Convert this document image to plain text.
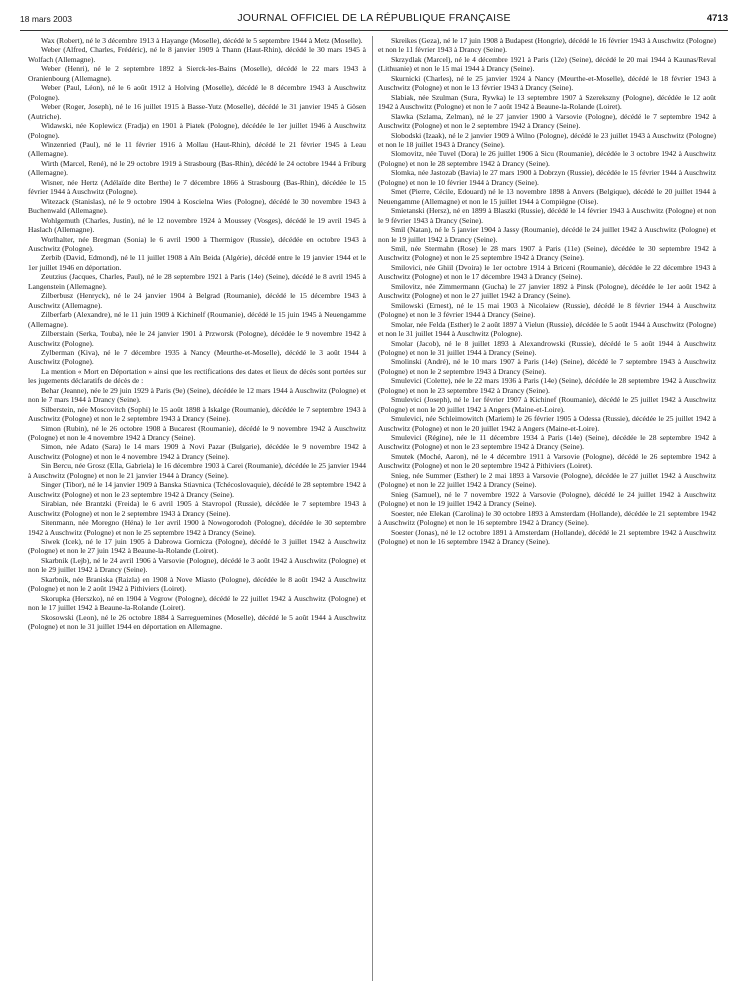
18 mars 2003	JOURNAL OFFICIEL DE LA RÉPUBLIQUE FRANÇAISE	4713

Wax (Robert), né le 3 décembre 1913 à Hayange (Moselle), décédé le 5 septembre 1944 à Metz (Moselle).

Weber (Alfred, Charles, Frédéric), né le 8 janvier 1909 à Thann (Haut-Rhin), décédé le 30 mars 1945 à Wolfach (Allemagne).

Weber (Henri), né le 2 septembre 1892 à Sierck-les-Bains (Moselle), décédé le 22 mars 1943 à Oranienbourg (Allemagne).

Weber (Paul, Léon), né le 6 août 1912 à Holving (Moselle), décédé le 8 décembre 1943 à Auschwitz (Pologne).

Weber (Roger, Joseph), né le 16 juillet 1915 à Basse-Yutz (Moselle), décédé le 31 janvier 1945 à Gösen (Autriche).

Widawski, née Koplewicz (Fradja) en 1901 à Piatek (Pologne), décédée le 1er juillet 1946 à Auschwitz (Pologne).

Winzenried (Paul), né le 11 février 1916 à Mollau (Haut-Rhin), décédé le 21 février 1945 à Leau (Allemagne).

Wirth (Marcel, René), né le 29 octobre 1919 à Strasbourg (Bas-Rhin), décédé le 24 octobre 1944 à Friburg (Allemagne).

Wisner, née Hertz (Adélaïde dite Berthe) le 7 décembre 1866 à Strasbourg (Bas-Rhin), décédée le 15 février 1944 à Auschwitz (Pologne).

Witezack (Stanislas), né le 9 octobre 1904 à Koscielna Wies (Pologne), décédé le 30 novembre 1943 à Buchenwald (Allemagne).

Wohlgemuth (Charles, Justin), né le 12 novembre 1924 à Moussey (Vosges), décédé le 19 avril 1945 à Haslach (Allemagne).

Worlhalter, née Bregman (Sonia) le 6 avril 1900 à Thermigov (Russie), décédée en octobre 1943 à Auschwitz (Pologne).

Zerbib (David, Edmond), né le 11 juillet 1908 à Aïn Beida (Algérie), décédé entre le 19 janvier 1944 et le 1er juillet 1946 en déportation.

Zeutzius (Jacques, Charles, Paul), né le 28 septembre 1921 à Paris (14e) (Seine), décédé le 8 avril 1945 à Langenstein (Allemagne).

Zilberbusz (Henryck), né le 24 janvier 1904 à Belgrad (Roumanie), décédé le 15 décembre 1943 à Auschwitz (Allemagne).

Zilberfarb (Alexandre), né le 11 juin 1909 à Kichinelf (Roumanie), décédé le 15 juin 1945 à Neuengamme (Allemagne).

Zilberstain (Serka, Touba), née le 24 janvier 1901 à Przworsk (Pologne), décédée le 9 novembre 1942 à Auschwitz (Pologne).

Zylberman (Kiva), né le 7 décembre 1935 à Nancy (Meurthe-et-Moselle), décédé le 3 août 1944 à Auschwitz (Pologne).

La mention « Mort en Déportation » ainsi que les rectifications des dates et lieux de décès sont portées sur les jugements déclaratifs de décès de :

Behar (Jeanne), née le 29 juin 1929 à Paris (9e) (Seine), décédée le 12 mars 1944 à Auschwitz (Pologne) et non le 7 mars 1944 à Drancy (Seine).

Silberstein, née Moscovitch (Sophi) le 15 août 1898 à Iskalge (Roumanie), décédée le 7 septembre 1943 à Auschwitz (Pologne) et non le 2 septembre 1943 à Drancy (Seine).

Simon (Rubin), né le 26 octobre 1908 à Bucarest (Roumanie), décédé le 9 novembre 1942 à Auschwitz (Pologne) et non le 4 novembre 1942 à Drancy (Seine).

Simon, née Adato (Sara) le 14 mars 1909 à Novi Pazar (Bulgarie), décédée le 9 novembre 1942 à Auschwitz (Pologne) et non le 4 novembre 1942 à Drancy (Seine).

Sin Bercu, née Grosz (Ella, Gabriela) le 16 décembre 1903 à Carei (Roumanie), décédée le 25 janvier 1944 à Auschwitz (Pologne) et non le 21 janvier 1944 à Drancy (Seine).

Singer (Tibor), né le 14 janvier 1909 à Banska Stiavnica (Tchécoslovaquie), décédé le 28 septembre 1942 à Auschwitz (Pologne) et non le 23 septembre 1942 à Drancy (Seine).

Sirabian, née Brantzki (Freida) le 6 avril 1905 à Stavropol (Russie), décédée le 7 septembre 1943 à Auschwitz (Pologne) et non le 2 septembre 1943 à Drancy (Seine).

Sitenmann, née Moregno (Héna) le 1er avril 1900 à Nowogorodoh (Pologne), décédée le 30 septembre 1942 à Auschwitz (Pologne) et non le 25 septembre 1942 à Drancy (Seine).

Siwek (Icek), né le 17 juin 1905 à Dabrowa Gornicza (Pologne), décédé le 3 juillet 1942 à Auschwitz (Pologne) et non le 27 juin 1942 à Beaune-la-Rolande (Loiret).

Skarbnik (Lejb), né le 24 avril 1906 à Varsovie (Pologne), décédé le 3 août 1942 à Auschwitz (Pologne) et non le 29 juillet 1942 à Drancy (Seine).

Skarbnik, née Braniska (Raizla) en 1908 à Nove Miasto (Pologne), décédée le 8 août 1942 à Auschwitz (Pologne) et non le 2 août 1942 à Pithiviers (Loiret).

Skorupka (Herszko), né en 1904 à Vegrow (Pologne), décédé le 22 juillet 1942 à Auschwitz (Pologne) et non le 17 juillet 1942 à Beaune-la-Rolande (Loiret).

Skosowski (Leon), né le 26 octobre 1884 à Sarreguemines (Moselle), décédé le 5 août 1944 à Auschwitz (Pologne) et non le 31 juillet 1944 en déportation en Allemagne.

Skreikes (Geza), né le 17 juin 1908 à Budapest (Hongrie), décédé le 16 février 1943 à Auschwitz (Pologne) et non le 11 février 1943 à Drancy (Seine).

Skrzydlak (Marcel), né le 4 décembre 1921 à Paris (12e) (Seine), décédé le 20 mai 1944 à Kaunas/Reval (Lithuanie) et non le 15 mai 1944 à Drancy (Seine).

Skurnicki (Charles), né le 25 janvier 1924 à Nancy (Meurthe-et-Moselle), décédé le 18 février 1943 à Auschwitz (Pologne) et non le 13 février 1943 à Drancy (Seine).

Slabiak, née Szulman (Sura, Rywka) le 13 septembre 1907 à Szerekszny (Pologne), décédée le 12 août 1942 à Auschwitz (Pologne) et non le 7 août 1942 à Beaune-la-Rolande (Loiret).

Slawka (Szlama, Zelman), né le 27 janvier 1900 à Varsovie (Pologne), décédé le 7 septembre 1942 à Auschwitz (Pologne) et non le 2 septembre 1942 à Drancy (Seine).

Slobodski (Izaak), né le 2 janvier 1909 à Wilno (Pologne), décédé le 23 juillet 1943 à Auschwitz (Pologne) et non le 18 juillet 1943 à Drancy (Seine).

Slomovitz, née Tuvel (Dora) le 26 juillet 1906 à Sicu (Roumanie), décédée le 3 octobre 1942 à Auschwitz (Pologne) et non le 28 septembre 1942 à Drancy (Seine).

Slomka, née Jastozab (Bavia) le 27 mars 1900 à Dobrzyn (Russie), décédée le 15 février 1944 à Auschwitz (Pologne) et non le 10 février 1944 à Drancy (Seine).

Smet (Pierre, Cécile, Edouard) né le 13 novembre 1898 à Anvers (Belgique), décédé le 20 juillet 1944 à Neuengamme (Allemagne) et non le 15 juillet 1944 à Compiègne (Oise).

Smietanski (Hersz), né en 1899 à Blaszki (Russie), décédé le 14 février 1943 à Auschwitz (Pologne) et non le 9 février 1943 à Drancy (Seine).

Smil (Natan), né le 5 janvier 1904 à Jassy (Roumanie), décédé le 24 juillet 1942 à Auschwitz (Pologne) et non le 19 juillet 1942 à Drancy (Seine).

Smil, née Stermahn (Rose) le 28 mars 1907 à Paris (11e) (Seine), décédée le 30 septembre 1942 à Auschwitz (Pologne) et non le 25 septembre 1942 à Drancy (Seine).

Smilovici, née Ghiil (Dvoira) le 1er octobre 1914 à Briceni (Roumanie), décédée le 22 décembre 1943 à Auschwitz (Pologne) et non le 17 décembre 1943 à Drancy (Seine).

Smilovitz, née Zimmermann (Gucha) le 27 janvier 1892 à Pinsk (Pologne), décédée le 1er août 1942 à Auschwitz (Pologne) et non le 27 juillet 1942 à Drancy (Seine).

Smilowski (Ernest), né le 15 mai 1903 à Nicolaiew (Russie), décédé le 8 février 1944 à Auschwitz (Pologne) et non le 3 février 1944 à Drancy (Seine).

Smolar, née Felda (Esther) le 2 août 1897 à Vielun (Russie), décédée le 5 août 1944 à Auschwitz (Pologne) et non le 31 juillet 1944 à Auschwitz (Pologne).

Smolar (Jacob), né le 8 juillet 1893 à Alexandrowski (Russie), décédé le 5 août 1944 à Auschwitz (Pologne) et non le 31 juillet 1944 à Drancy (Seine).

Smolinski (André), né le 10 mars 1907 à Paris (14e) (Seine), décédé le 7 septembre 1943 à Auschwitz (Pologne) et non le 2 septembre 1943 à Drancy (Seine).

Smulevici (Colette), née le 22 mars 1936 à Paris (14e) (Seine), décédée le 28 septembre 1942 à Auschwitz (Pologne) et non le 23 septembre 1942 à Drancy (Seine).

Smulevici (Joseph), né le 1er février 1907 à Kichinef (Roumanie), décédé le 25 juillet 1942 à Auschwitz (Pologne) et non le 20 juillet 1942 à Angers (Maine-et-Loire).

Smulevici, née Schleimowitch (Mariem) le 26 février 1905 à Odessa (Russie), décédée le 25 juillet 1942 à Auschwitz (Pologne) et non le 20 juillet 1942 à Angers (Maine-et-Loire).

Smulevici (Régine), née le 11 décembre 1934 à Paris (14e) (Seine), décédée le 28 septembre 1942 à Auschwitz (Pologne) et non le 23 septembre 1942 à Drancy (Seine).

Smutek (Moché, Aaron), né le 4 décembre 1911 à Varsovie (Pologne), décédé le 26 septembre 1942 à Auschwitz (Pologne) et non le 20 septembre 1942 à Pithiviers (Loiret).

Snieg, née Summer (Esther) le 2 mai 1893 à Varsovie (Pologne), décédée le 27 juillet 1942 à Auschwitz (Pologne) et non le 22 juillet 1942 à Drancy (Seine).

Snieg (Samuel), né le 7 novembre 1922 à Varsovie (Pologne), décédé le 24 juillet 1942 à Auschwitz (Pologne) et non le 19 juillet 1942 à Drancy (Seine).

Soester, née Elekan (Carolina) le 30 octobre 1893 à Amsterdam (Hollande), décédée le 21 septembre 1942 à Auschwitz (Pologne) et non le 16 septembre 1942 à Drancy (Seine).

Soester (Jonas), né le 12 octobre 1891 à Amsterdam (Hollande), décédé le 21 septembre 1942 à Auschwitz (Pologne) et non le 16 septembre 1942 à Drancy (Seine).
